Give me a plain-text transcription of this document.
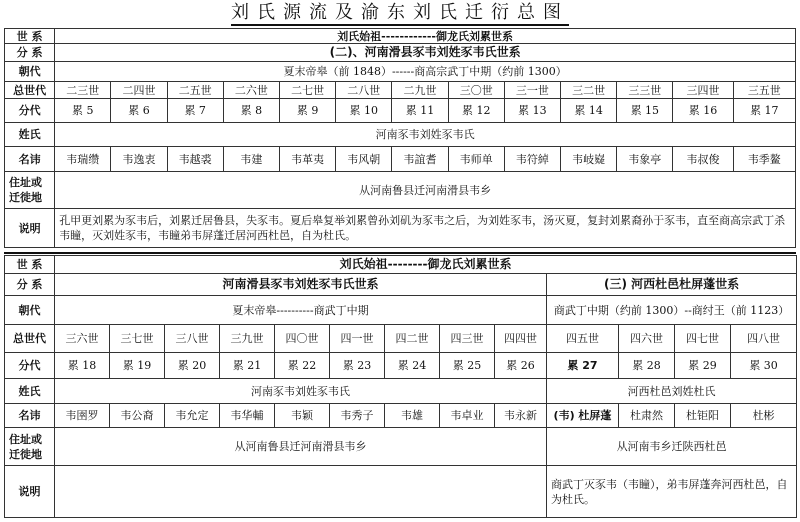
刘氏源流及渝东刘氏迁衍总图
世 系	刘氏始祖------------御龙氏刘累世系												
分 系	(二)、河南滑县豕韦刘姓豕韦氏世系												
朝代	夏末帝皋（前 1848）------商高宗武丁中期（约前 1300）												
总世代	二三世	二四世	二五世	二六世	二七世	二八世	二九世	三〇世	三一世	三二世	三三世	三四世	三五世
分代	累 5	累 6	累 7	累 8	累 9	累 10	累 11	累 12	累 13	累 14	累 15	累 16	累 17
姓氏	河南豕韦刘姓豕韦氏												
名讳	韦瑞缵	韦逸衷	韦越裘	韦建	韦革夷	韦风朝	韦誼耆	韦师单	韦符綽	韦岐嶷	韦象亭	韦叔俊	韦季鳌
住址或迁徙地	从河南鲁县迁河南滑县韦乡												
说明	孔甲更刘累为豕韦后，刘累迁居鲁县，失豕韦。夏后皋复举刘累曾孙刘矶为豕韦之后，为刘姓豕韦，汤灭夏，复封刘累裔孙于豕韦，直至商高宗武丁杀韦瞳，灭刘姓豕韦，韦瞳弟韦屏蓬迁居河西杜邑，自为杜氏。												
世 系	刘氏始祖--------御龙氏刘累世系												
分 系	河南滑县豕韦刘姓豕韦氏世系									(三) 河西杜邑杜屏蓬世系			
朝代	夏末帝皋----------商武丁中期									商武丁中期（约前 1300）--商纣王（前 1123）			
总世代	三六世	三七世	三八世	三九世	四〇世	四一世	四二世	四三世	四四世	四五世	四六世	四七世	四八世
分代	累 18	累 19	累 20	累 21	累 22	累 23	累 24	累 25	累 26	累 27	累 28	累 29	累 30
姓氏	河南豕韦刘姓豕韦氏									河西杜邑刘姓杜氏			
名讳	韦圉罗	韦公裔	韦允定	韦华輔	韦颖	韦秀子	韦雄	韦卓业	韦永新	(韦) 杜屏蓬	杜肃然	杜钜阳	杜彬
住址或迁徙地	从河南鲁县迁河南滑县韦乡									从河南韦乡迁陕西杜邑			
说明										商武丁灭豕韦（韦瞳），弟韦屏蓬奔河西杜邑，自为杜氏。			
